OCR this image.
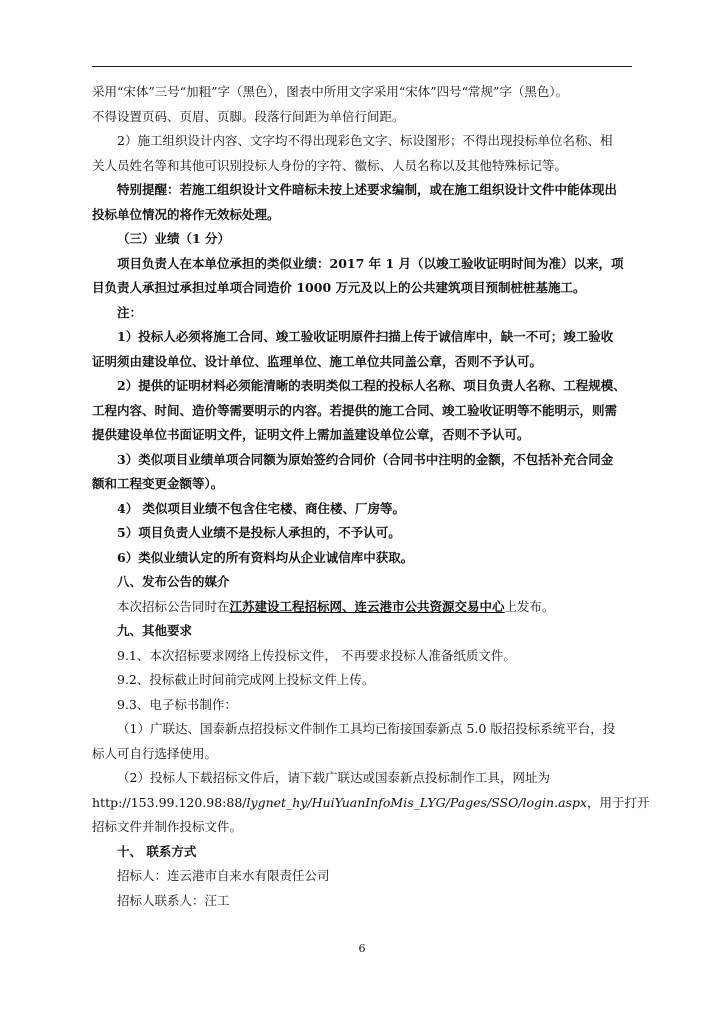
采用“宋体”三号“加粗”字（黑色），图表中所用文字采用“宋体”四号“常规”字（黑色）。
不得设置页码、页眉、页脚。段落行间距为单倍行间距。
2）施工组织设计内容、文字均不得出现彩色文字、标设图形；不得出现投标单位名称、相
关人员姓名等和其他可识别投标人身份的字符、徽标、人员名称以及其他特殊标记等。
特别提醒：若施工组织设计文件暗标未按上述要求编制，或在施工组织设计文件中能体现出
投标单位情况的将作无效标处理。
（三）业绩（1 分）
项目负责人在本单位承担的类似业绩：2017 年 1 月（以竣工验收证明时间为准）以来，项
目负责人承担过承担过单项合同造价 1000 万元及以上的公共建筑项目预制桩桩基施工。
注：
1）投标人必须将施工合同、竣工验收证明原件扫描上传于诚信库中，缺一不可；竣工验收
证明须由建设单位、设计单位、监理单位、施工单位共同盖公章，否则不予认可。
2）提供的证明材料必须能清晰的表明类似工程的投标人名称、项目负责人名称、工程规模、
工程内容、时间、造价等需要明示的内容。若提供的施工合同、竣工验收证明等不能明示，则需
提供建设单位书面证明文件，证明文件上需加盖建设单位公章，否则不予认可。
3）类似项目业绩单项合同额为原始签约合同价（合同书中注明的金额，不包括补充合同金
额和工程变更金额等）。
4） 类似项目业绩不包含住宅楼、商住楼、厂房等。
5）项目负责人业绩不是投标人承担的，不予认可。
6）类似业绩认定的所有资料均从企业诚信库中获取。
八、发布公告的媒介
本次招标公告同时在江苏建设工程招标网、连云港市公共资源交易中心上发布。
九、其他要求
9.1、本次招标要求网络上传投标文件， 不再要求投标人准备纸质文件。
9.2、投标截止时间前完成网上投标文件上传。
9.3、电子标书制作：
（1）广联达、国泰新点招投标文件制作工具均已衔接国泰新点 5.0 版招投标系统平台，投
标人可自行选择使用。
（2）投标人下载招标文件后，请下载广联达或国泰新点投标制作工具，网址为
http://153.99.120.98:88/lygnet_hy/HuiYuanInfoMis_LYG/Pages/SSO/login.aspx，用于打开
招标文件并制作投标文件。
十、 联系方式
招标人：连云港市自来水有限责任公司
招标人联系人：汪工
6
